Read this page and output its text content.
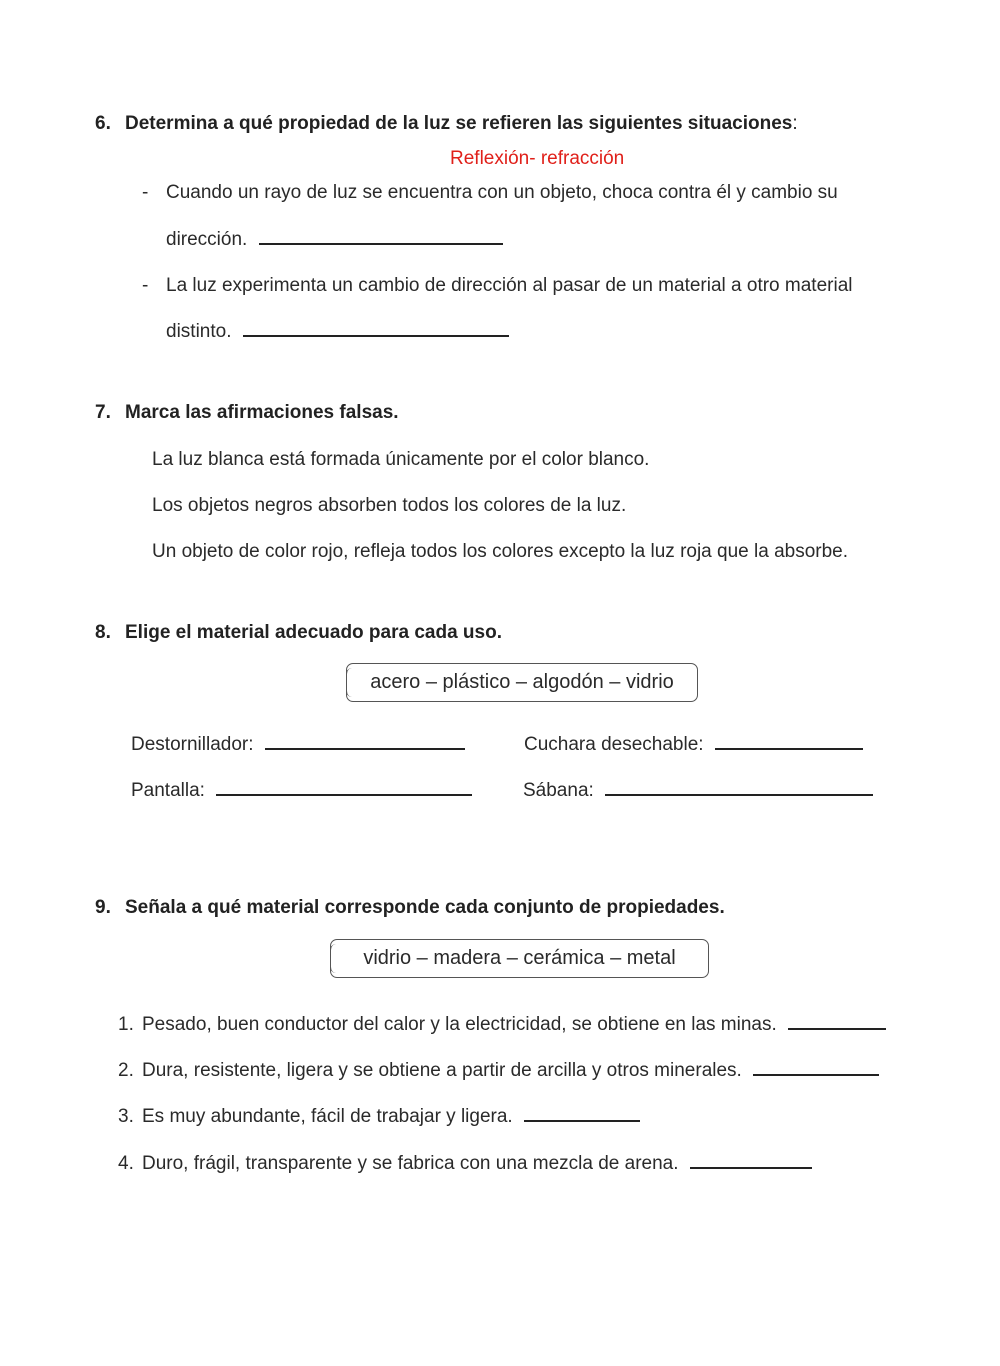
6. Determina a qué propiedad de la luz se refieren las siguientes situaciones:
Reflexión- refracción
- Cuando un rayo de luz se encuentra con un objeto, choca contra él y cambio su
dirección.
- La luz experimenta un cambio de dirección al pasar de un material a otro material
distinto.
7. Marca las afirmaciones falsas.
La luz blanca está formada únicamente por el color blanco.
Los objetos negros absorben todos los colores de la luz.
Un objeto de color rojo, refleja todos los colores excepto la luz roja que la absorbe.
8. Elige el material adecuado para cada uso.
acero – plástico – algodón – vidrio
Destornillador:	Cuchara desechable:
Pantalla:	Sábana:
9. Señala a qué material corresponde cada conjunto de propiedades.
vidrio – madera – cerámica – metal
1. Pesado, buen conductor del calor y la electricidad, se obtiene en las minas.
2. Dura, resistente, ligera y se obtiene a partir de arcilla y otros minerales.
3. Es muy abundante, fácil de trabajar y ligera.
4. Duro, frágil, transparente y se fabrica con una mezcla de arena.
